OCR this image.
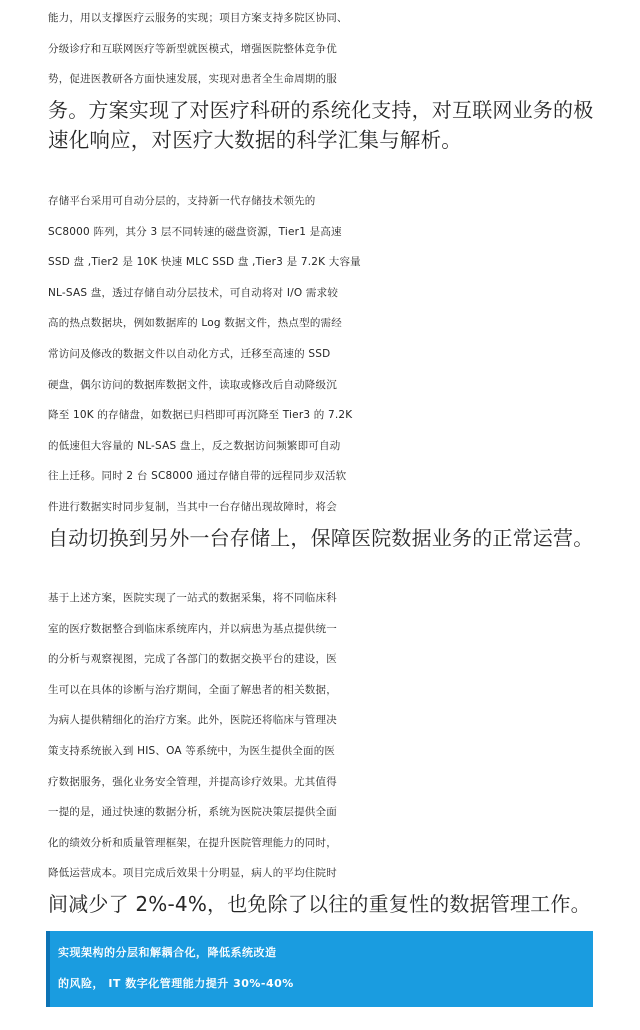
能力，用以支撑医疗云服务的实现；项目方案支持多院区协同、
分级诊疗和互联网医疗等新型就医模式，增强医院整体竞争优
势，促进医教研各方面快速发展，实现对患者全生命周期的服
务。方案实现了对医疗科研的系统化支持，对互联网业务的极
速化响应，对医疗大数据的科学汇集与解析。

存储平台采用可自动分层的，支持新一代存储技术领先的
SC8000 阵列，其分 3 层不同转速的磁盘资源，Tier1 是高速
SSD 盘 ,Tier2 是 10K 快速 MLC SSD 盘 ,Tier3 是 7.2K 大容量
NL-SAS 盘，透过存储自动分层技术，可自动将对 I/O 需求较
高的热点数据块，例如数据库的 Log 数据文件，热点型的需经
常访问及修改的数据文件以自动化方式，迁移至高速的 SSD
硬盘，偶尔访问的数据库数据文件，读取或修改后自动降级沉
降至 10K 的存储盘，如数据已归档即可再沉降至 Tier3 的 7.2K
的低速但大容量的 NL-SAS 盘上，反之数据访问频繁即可自动
往上迁移。同时 2 台 SC8000 通过存储自带的远程同步双活软
件进行数据实时同步复制，当其中一台存储出现故障时，将会
自动切换到另外一台存储上，保障医院数据业务的正常运营。

基于上述方案，医院实现了一站式的数据采集，将不同临床科
室的医疗数据整合到临床系统库内，并以病患为基点提供统一
的分析与观察视图，完成了各部门的数据交换平台的建设，医
生可以在具体的诊断与治疗期间，全面了解患者的相关数据，
为病人提供精细化的治疗方案。此外，医院还将临床与管理决
策支持系统嵌入到 HIS、OA 等系统中，为医生提供全面的医
疗数据服务，强化业务安全管理，并提高诊疗效果。尤其值得
一提的是，通过快速的数据分析，系统为医院决策层提供全面
化的绩效分析和质量管理框架，在提升医院管理能力的同时，
降低运营成本。项目完成后效果十分明显，病人的平均住院时
间减少了 2%-4%，也免除了以往的重复性的数据管理工作。

实现架构的分层和解耦合化，降低系统改造
的风险， IT 数字化管理能力提升 30%-40%
